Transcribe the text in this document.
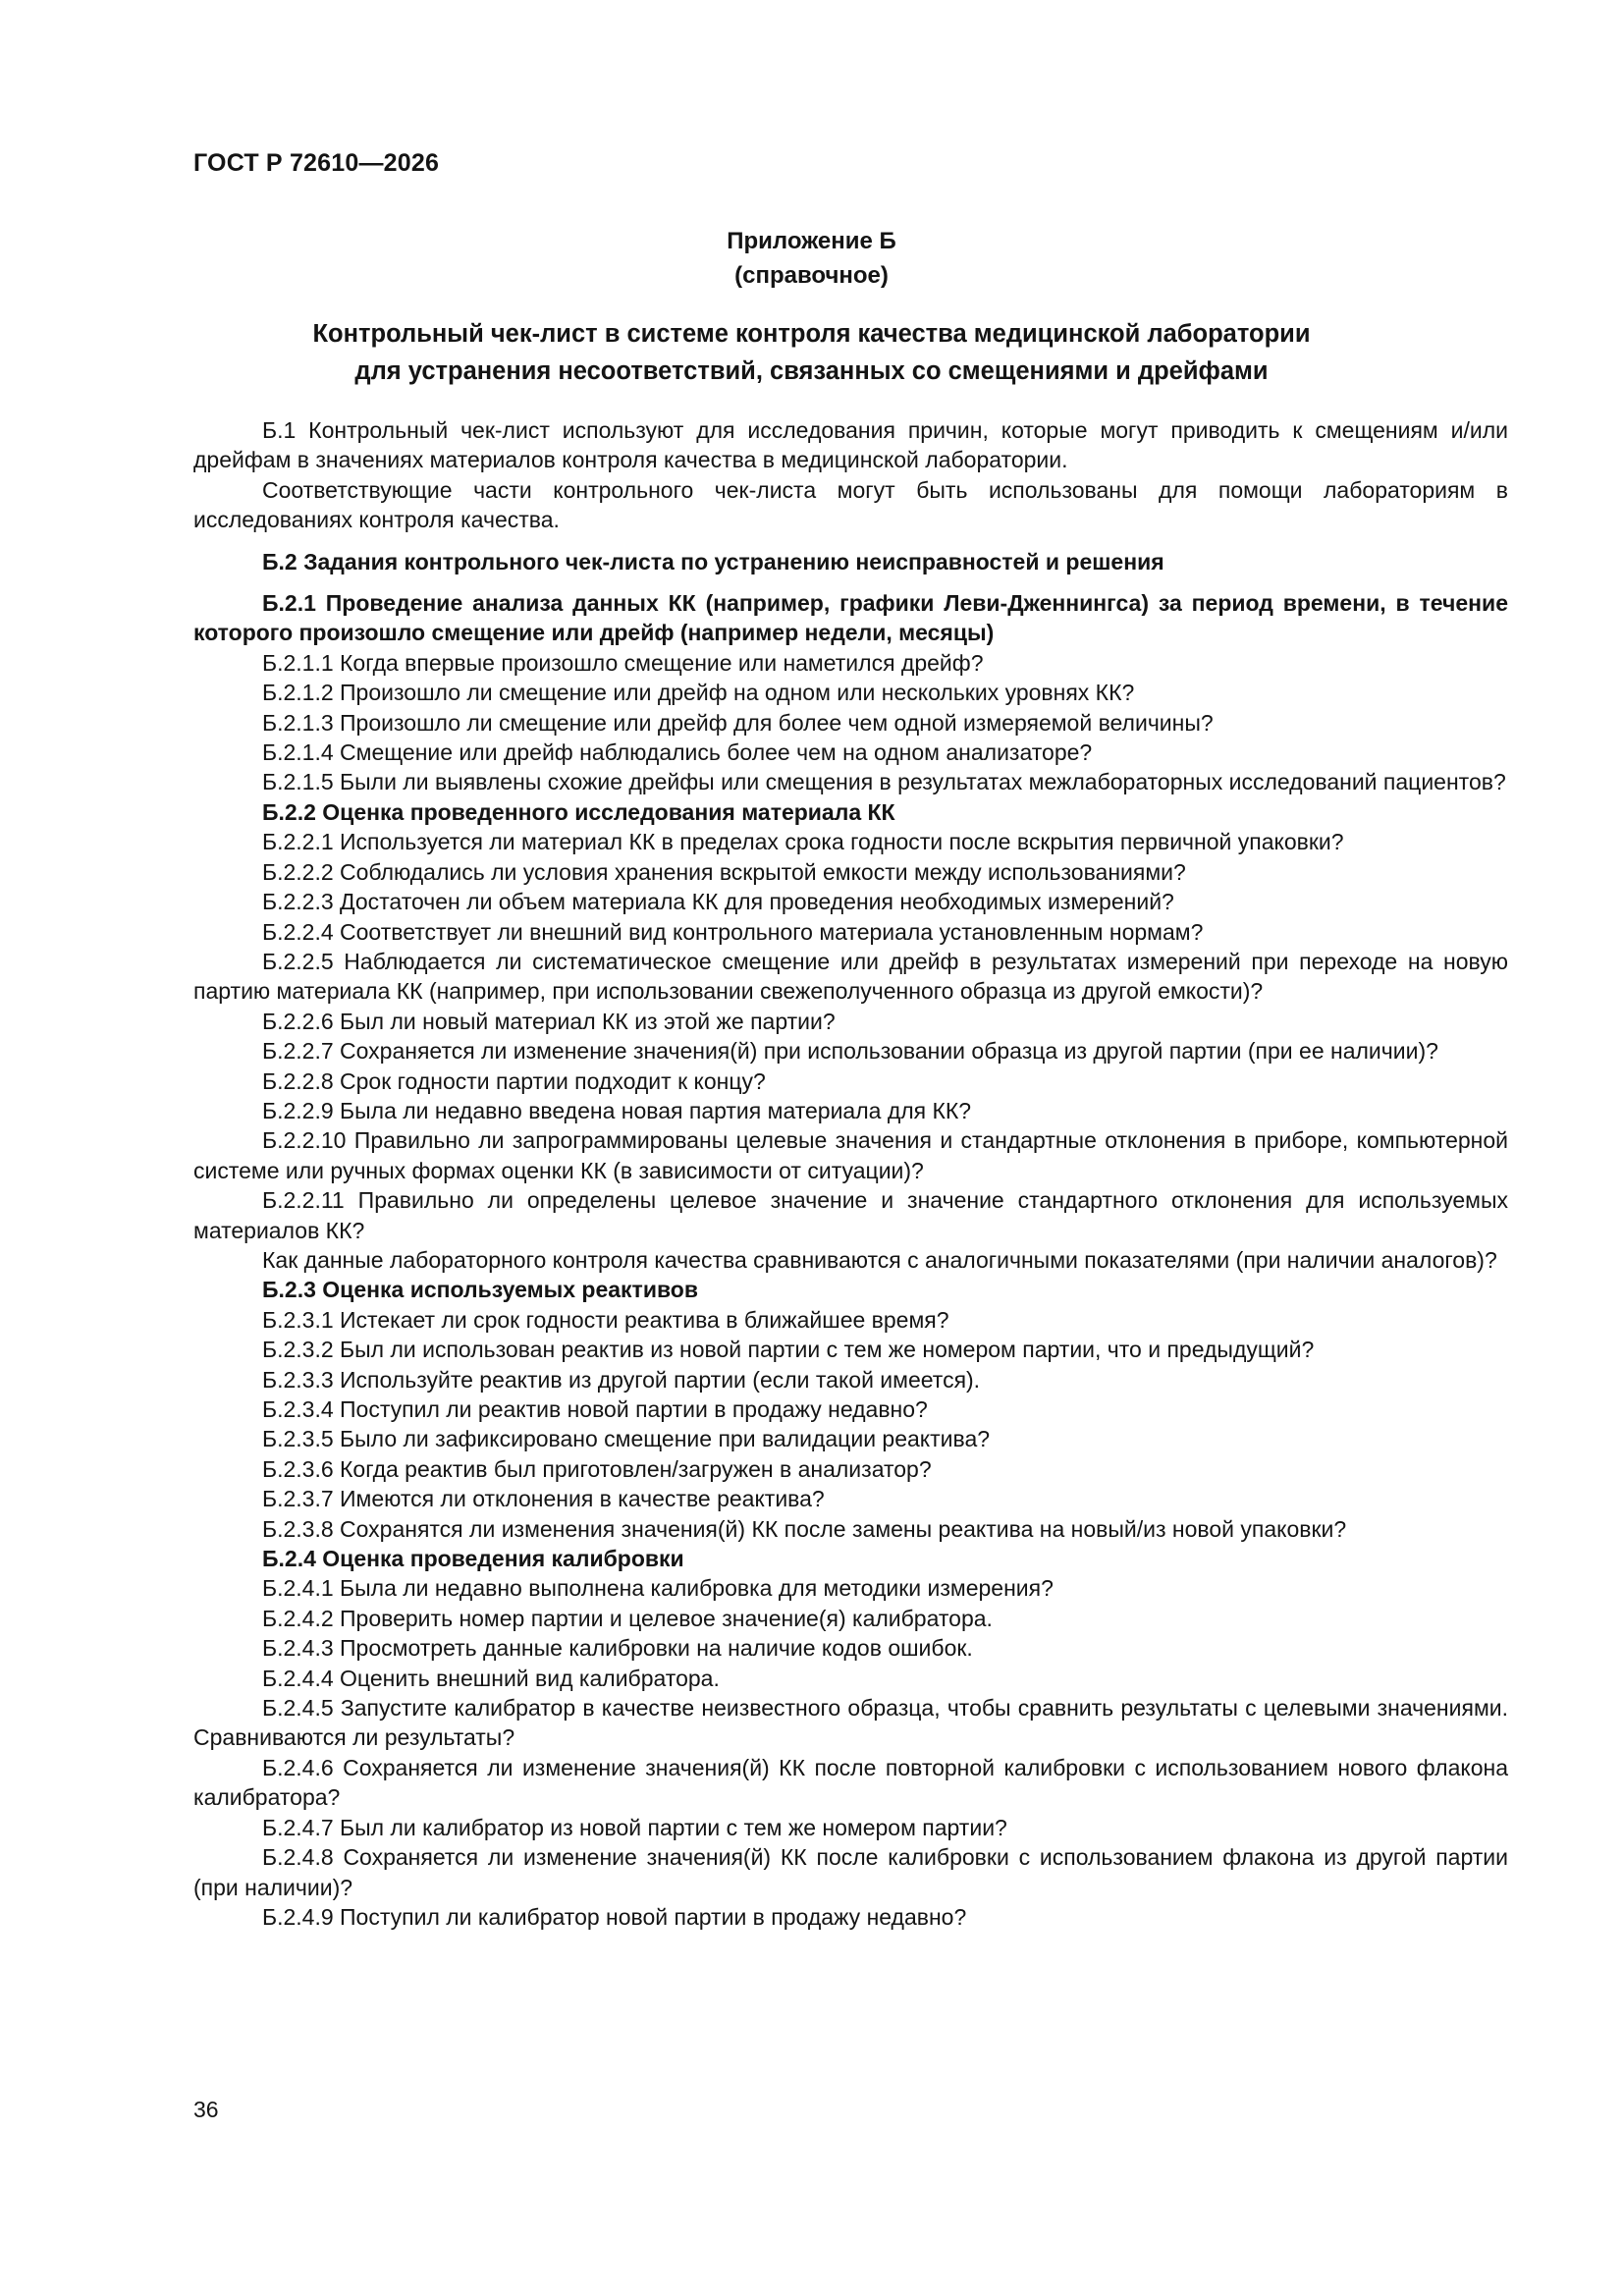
ГОСТ Р 72610—2026
Приложение Б
(справочное)
Контрольный чек-лист в системе контроля качества медицинской лаборатории
для устранения несоответствий, связанных со смещениями и дрейфами

Б.1 Контрольный чек-лист используют для исследования причин, которые могут приводить к смещениям и/или дрейфам в значениях материалов контроля качества в медицинской лаборатории.

Соответствующие части контрольного чек-листа могут быть использованы для помощи лабораториям в исследованиях контроля качества.

Б.2 Задания контрольного чек-листа по устранению неисправностей и решения

Б.2.1 Проведение анализа данных КК (например, графики Леви-Дженнингса) за период времени, в течение которого произошло смещение или дрейф (например недели, месяцы)

Б.2.1.1 Когда впервые произошло смещение или наметился дрейф?

Б.2.1.2 Произошло ли смещение или дрейф на одном или нескольких уровнях КК?

Б.2.1.3 Произошло ли смещение или дрейф для более чем одной измеряемой величины?

Б.2.1.4 Смещение или дрейф наблюдались более чем на одном анализаторе?

Б.2.1.5 Были ли выявлены схожие дрейфы или смещения в результатах межлабораторных исследований пациентов?

Б.2.2 Оценка проведенного исследования материала КК

Б.2.2.1 Используется ли материал КК в пределах срока годности после вскрытия первичной упаковки?

Б.2.2.2 Соблюдались ли условия хранения вскрытой емкости между использованиями?

Б.2.2.3 Достаточен ли объем материала КК для проведения необходимых измерений?

Б.2.2.4 Соответствует ли внешний вид контрольного материала установленным нормам?

Б.2.2.5 Наблюдается ли систематическое смещение или дрейф в результатах измерений при переходе на новую партию материала КК (например, при использовании свежеполученного образца из другой емкости)?

Б.2.2.6 Был ли новый материал КК из этой же партии?

Б.2.2.7 Сохраняется ли изменение значения(й) при использовании образца из другой партии (при ее наличии)?

Б.2.2.8 Срок годности партии подходит к концу?

Б.2.2.9 Была ли недавно введена новая партия материала для КК?

Б.2.2.10 Правильно ли запрограммированы целевые значения и стандартные отклонения в приборе, компьютерной системе или ручных формах оценки КК (в зависимости от ситуации)?

Б.2.2.11 Правильно ли определены целевое значение и значение стандартного отклонения для используемых материалов КК?

Как данные лабораторного контроля качества сравниваются с аналогичными показателями (при наличии аналогов)?

Б.2.3 Оценка используемых реактивов

Б.2.3.1 Истекает ли срок годности реактива в ближайшее время?

Б.2.3.2 Был ли использован реактив из новой партии с тем же номером партии, что и предыдущий?

Б.2.3.3 Используйте реактив из другой партии (если такой имеется).

Б.2.3.4 Поступил ли реактив новой партии в продажу недавно?

Б.2.3.5 Было ли зафиксировано смещение при валидации реактива?

Б.2.3.6 Когда реактив был приготовлен/загружен в анализатор?

Б.2.3.7 Имеются ли отклонения в качестве реактива?

Б.2.3.8 Сохранятся ли изменения значения(й) КК после замены реактива на новый/из новой упаковки?

Б.2.4 Оценка проведения калибровки

Б.2.4.1 Была ли недавно выполнена калибровка для методики измерения?

Б.2.4.2 Проверить номер партии и целевое значение(я) калибратора.

Б.2.4.3 Просмотреть данные калибровки на наличие кодов ошибок.

Б.2.4.4 Оценить внешний вид калибратора.

Б.2.4.5 Запустите калибратор в качестве неизвестного образца, чтобы сравнить результаты с целевыми значениями. Сравниваются ли результаты?

Б.2.4.6 Сохраняется ли изменение значения(й) КК после повторной калибровки с использованием нового флакона калибратора?

Б.2.4.7 Был ли калибратор из новой партии с тем же номером партии?

Б.2.4.8 Сохраняется ли изменение значения(й) КК после калибровки с использованием флакона из другой партии (при наличии)?

Б.2.4.9 Поступил ли калибратор новой партии в продажу недавно?

36
